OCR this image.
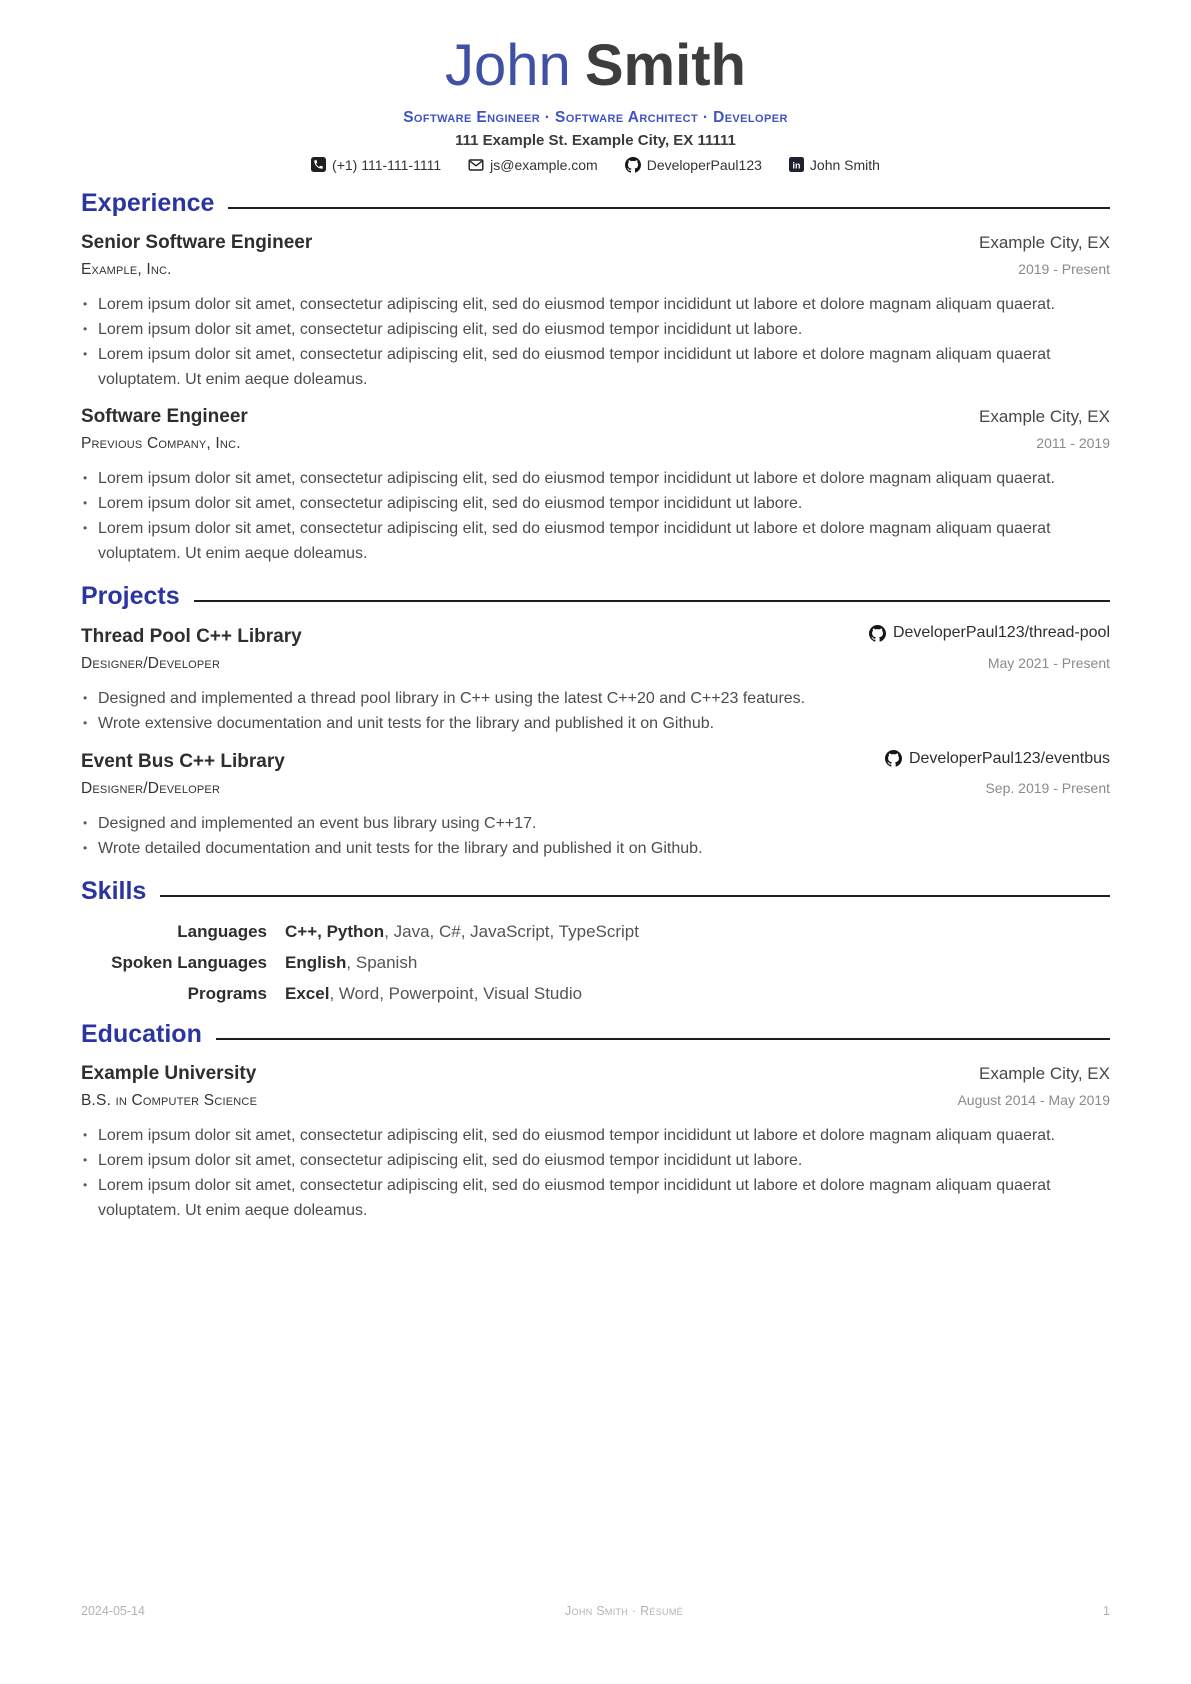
John Smith
Software Engineer · Software Architect · Developer
111 Example St. Example City, EX 11111
(+1) 111-111-1111	js@example.com	DeveloperPaul123	in John Smith
Experience
Senior Software Engineer	Example City, EX
Example, Inc.	2019 - Present
• Lorem ipsum dolor sit amet, consectetur adipiscing elit, sed do eiusmod tempor incididunt ut labore et dolore magnam aliquam quaerat.
• Lorem ipsum dolor sit amet, consectetur adipiscing elit, sed do eiusmod tempor incididunt ut labore.
• Lorem ipsum dolor sit amet, consectetur adipiscing elit, sed do eiusmod tempor incididunt ut labore et dolore magnam aliquam quaerat voluptatem. Ut enim aeque doleamus.
Software Engineer	Example City, EX
Previous Company, Inc.	2011 - 2019
• Lorem ipsum dolor sit amet, consectetur adipiscing elit, sed do eiusmod tempor incididunt ut labore et dolore magnam aliquam quaerat.
• Lorem ipsum dolor sit amet, consectetur adipiscing elit, sed do eiusmod tempor incididunt ut labore.
• Lorem ipsum dolor sit amet, consectetur adipiscing elit, sed do eiusmod tempor incididunt ut labore et dolore magnam aliquam quaerat voluptatem. Ut enim aeque doleamus.
Projects
Thread Pool C++ Library	DeveloperPaul123/thread-pool
Designer/Developer	May 2021 - Present
• Designed and implemented a thread pool library in C++ using the latest C++20 and C++23 features.
• Wrote extensive documentation and unit tests for the library and published it on Github.
Event Bus C++ Library	DeveloperPaul123/eventbus
Designer/Developer	Sep. 2019 - Present
• Designed and implemented an event bus library using C++17.
• Wrote detailed documentation and unit tests for the library and published it on Github.
Skills
Languages C++, Python, Java, C#, JavaScript, TypeScript
Spoken Languages English, Spanish
Programs Excel, Word, Powerpoint, Visual Studio
Education
Example University	Example City, EX
B.S. in Computer Science	August 2014 - May 2019
• Lorem ipsum dolor sit amet, consectetur adipiscing elit, sed do eiusmod tempor incididunt ut labore et dolore magnam aliquam quaerat.
• Lorem ipsum dolor sit amet, consectetur adipiscing elit, sed do eiusmod tempor incididunt ut labore.
• Lorem ipsum dolor sit amet, consectetur adipiscing elit, sed do eiusmod tempor incididunt ut labore et dolore magnam aliquam quaerat voluptatem. Ut enim aeque doleamus.
2024-05-14	John Smith · Résumé	1
